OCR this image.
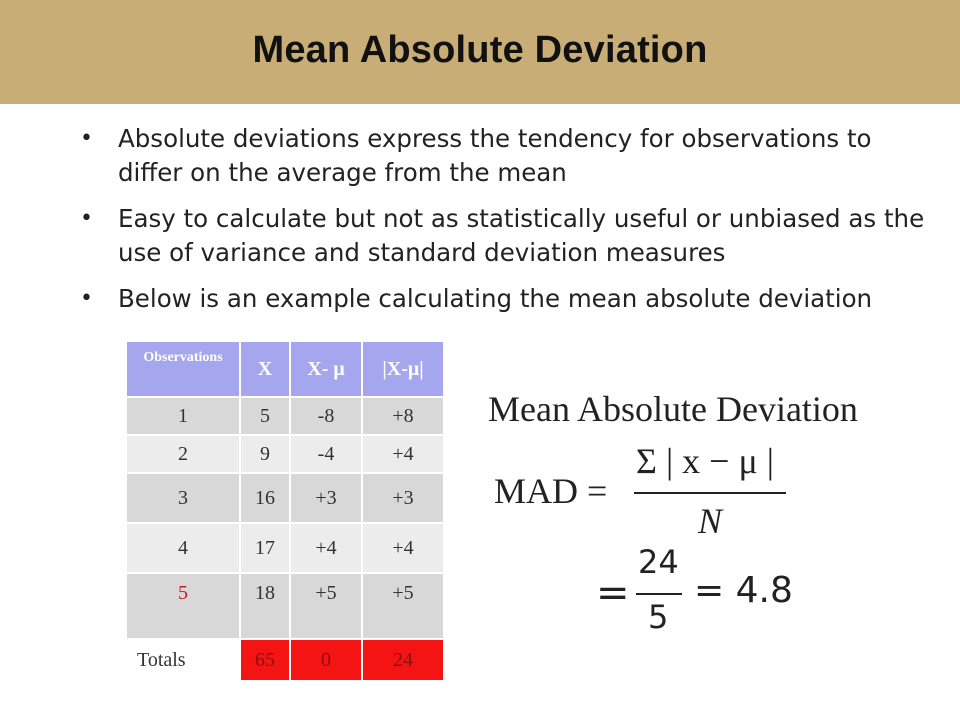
Mean Absolute Deviation
• Absolute deviations express the tendency for observations to differ on the average from the mean
• Easy to calculate but not as statistically useful or unbiased as the use of variance and standard deviation measures
• Below is an example calculating the mean absolute deviation
Observations	X	X- μ	|X-μ|
1	5	-8	+8
2	9	-4	+4
3	16	+3	+3
4	17	+4	+4
5	18	+5	+5
Totals	65	0	24
Mean Absolute Deviation
MAD =
Σ | x − μ |
N
=
24
5
= 4.8
